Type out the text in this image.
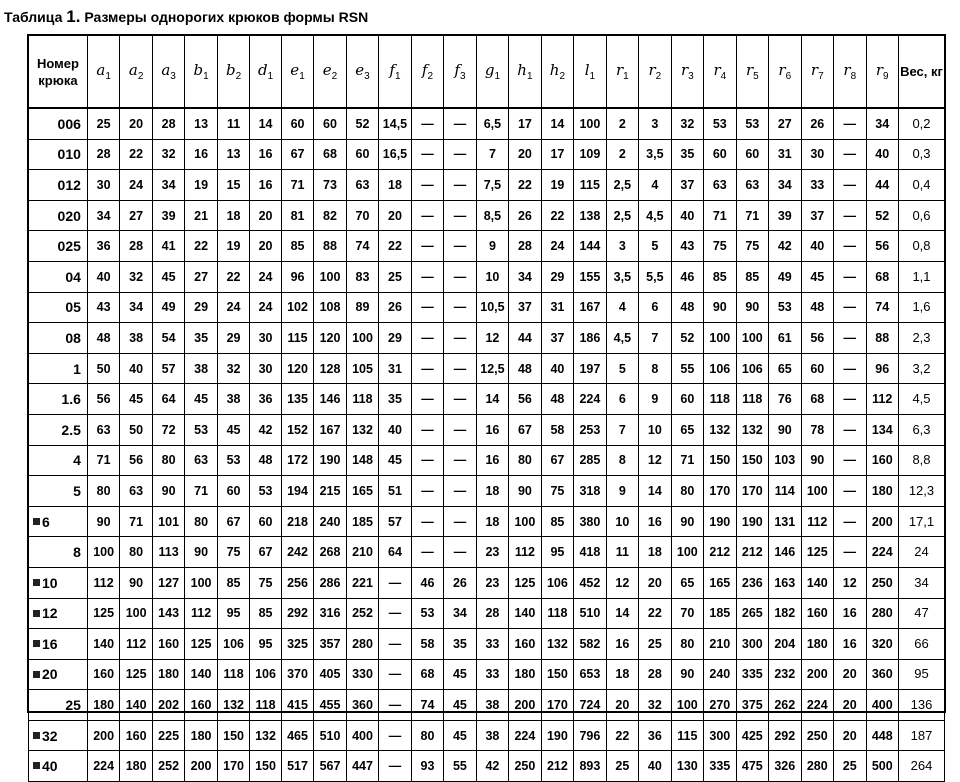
Таблица 1. Размеры однорогих крюков формы RSN
Номер крюка	$a_1$	$a_2$	$a_3$	$b_1$	$b_2$	$d_1$	$e_1$	$e_2$	$e_3$	$f_1$	$f_2$	$f_3$	$g_1$	$h_1$	$h_2$	$l_1$	$r_1$	$r_2$	$r_3$	$r_4$	$r_5$	$r_6$	$r_7$	$r_8$	$r_9$	Вес, кг
006	25	20	28	13	11	14	60	60	52	14,5	—	—	6,5	17	14	100	2	3	32	53	53	27	26	—	34	0,2
010	28	22	32	16	13	16	67	68	60	16,5	—	—	7	20	17	109	2	3,5	35	60	60	31	30	—	40	0,3
012	30	24	34	19	15	16	71	73	63	18	—	—	7,5	22	19	115	2,5	4	37	63	63	34	33	—	44	0,4
020	34	27	39	21	18	20	81	82	70	20	—	—	8,5	26	22	138	2,5	4,5	40	71	71	39	37	—	52	0,6
025	36	28	41	22	19	20	85	88	74	22	—	—	9	28	24	144	3	5	43	75	75	42	40	—	56	0,8
04	40	32	45	27	22	24	96	100	83	25	—	—	10	34	29	155	3,5	5,5	46	85	85	49	45	—	68	1,1
05	43	34	49	29	24	24	102	108	89	26	—	—	10,5	37	31	167	4	6	48	90	90	53	48	—	74	1,6
08	48	38	54	35	29	30	115	120	100	29	—	—	12	44	37	186	4,5	7	52	100	100	61	56	—	88	2,3
1	50	40	57	38	32	30	120	128	105	31	—	—	12,5	48	40	197	5	8	55	106	106	65	60	—	96	3,2
1.6	56	45	64	45	38	36	135	146	118	35	—	—	14	56	48	224	6	9	60	118	118	76	68	—	112	4,5
2.5	63	50	72	53	45	42	152	167	132	40	—	—	16	67	58	253	7	10	65	132	132	90	78	—	134	6,3
4	71	56	80	63	53	48	172	190	148	45	—	—	16	80	67	285	8	12	71	150	150	103	90	—	160	8,8
5	80	63	90	71	60	53	194	215	165	51	—	—	18	90	75	318	9	14	80	170	170	114	100	—	180	12,3

6	90	71	101	80	67	60	218	240	185	57	—	—	18	100	85	380	10	16	90	190	190	131	112	—	200	17,1
8	100	80	113	90	75	67	242	268	210	64	—	—	23	112	95	418	11	18	100	212	212	146	125	—	224	24

10	112	90	127	100	85	75	256	286	221	—	46	26	23	125	106	452	12	20	65	165	236	163	140	12	250	34

12	125	100	143	112	95	85	292	316	252	—	53	34	28	140	118	510	14	22	70	185	265	182	160	16	280	47

16	140	112	160	125	106	95	325	357	280	—	58	35	33	160	132	582	16	25	80	210	300	204	180	16	320	66

20	160	125	180	140	118	106	370	405	330	—	68	45	33	180	150	653	18	28	90	240	335	232	200	20	360	95
25	180	140	202	160	132	118	415	455	360	—	74	45	38	200	170	724	20	32	100	270	375	262	224	20	400	136

32	200	160	225	180	150	132	465	510	400	—	80	45	38	224	190	796	22	36	115	300	425	292	250	20	448	187

40	224	180	252	200	170	150	517	567	447	—	93	55	42	250	212	893	25	40	130	335	475	326	280	25	500	264
